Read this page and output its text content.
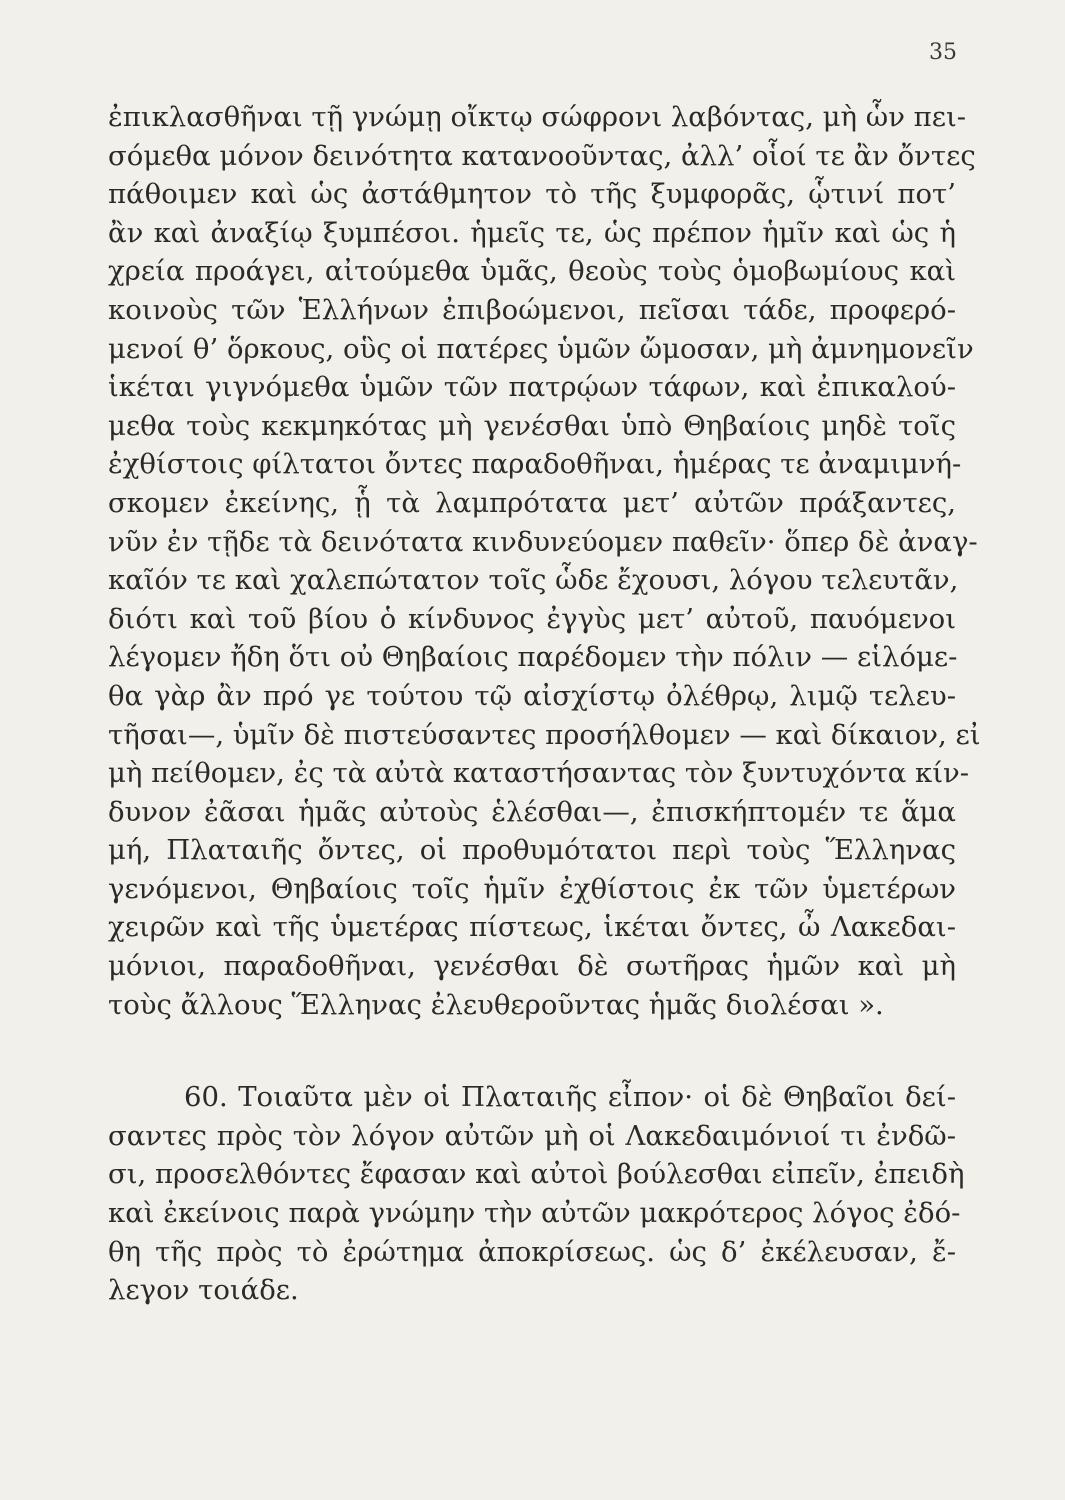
35
ἐπικλασθῆναι τῇ γνώμῃ οἴκτῳ σώφρονι λαβόντας, μὴ ὧν πει-
σόμεθα μόνον δεινότητα κατανοοῦντας, ἀλλ’ οἷοί τε ἂν ὄντες
πάθοιμεν καὶ ὡς ἀστάθμητον τὸ τῆς ξυμφορᾶς, ᾧτινί ποτ’
ἂν καὶ ἀναξίῳ ξυμπέσοι. ἡμεῖς τε, ὡς πρέπον ἡμῖν καὶ ὡς ἡ
χρεία προάγει, αἰτούμεθα ὑμᾶς, θεοὺς τοὺς ὁμοβωμίους καὶ
κοινοὺς τῶν Ἑλλήνων ἐπιβοώμενοι, πεῖσαι τάδε, προφερό-
μενοί θ’ ὅρκους, οὓς οἱ πατέρες ὑμῶν ὤμοσαν, μὴ ἀμνημονεῖν
ἱκέται γιγνόμεθα ὑμῶν τῶν πατρῴων τάφων, καὶ ἐπικαλού-
μεθα τοὺς κεκμηκότας μὴ γενέσθαι ὑπὸ Θηβαίοις μηδὲ τοῖς
ἐχθίστοις φίλτατοι ὄντες παραδοθῆναι, ἡμέρας τε ἀναμιμνή-
σκομεν ἐκείνης, ᾗ τὰ λαμπρότατα μετ’ αὐτῶν πράξαντες,
νῦν ἐν τῇδε τὰ δεινότατα κινδυνεύομεν παθεῖν· ὅπερ δὲ ἀναγ-
καῖόν τε καὶ χαλεπώτατον τοῖς ὧδε ἔχουσι, λόγου τελευτᾶν,
διότι καὶ τοῦ βίου ὁ κίνδυνος ἐγγὺς μετ’ αὐτοῦ, παυόμενοι
λέγομεν ἤδη ὅτι οὐ Θηβαίοις παρέδομεν τὴν πόλιν — εἱλόμε-
θα γὰρ ἂν πρό γε τούτου τῷ αἰσχίστῳ ὀλέθρῳ, λιμῷ τελευ-
τῆσαι—, ὑμῖν δὲ πιστεύσαντες προσήλθομεν — καὶ δίκαιον, εἰ
μὴ πείθομεν, ἐς τὰ αὐτὰ καταστήσαντας τὸν ξυντυχόντα κίν-
δυνον ἐᾶσαι ἡμᾶς αὐτοὺς ἑλέσθαι—, ἐπισκήπτομέν τε ἅμα
μή, Πλαταιῆς ὄντες, οἱ προθυμότατοι περὶ τοὺς Ἕλληνας
γενόμενοι, Θηβαίοις τοῖς ἡμῖν ἐχθίστοις ἐκ τῶν ὑμετέρων
χειρῶν καὶ τῆς ὑμετέρας πίστεως, ἱκέται ὄντες, ὦ Λακεδαι-
μόνιοι, παραδοθῆναι, γενέσθαι δὲ σωτῆρας ἡμῶν καὶ μὴ
τοὺς ἄλλους Ἕλληνας ἐλευθεροῦντας ἡμᾶς διολέσαι ».
60. Τοιαῦτα μὲν οἱ Πλαταιῆς εἶπον· οἱ δὲ Θηβαῖοι δεί-
σαντες πρὸς τὸν λόγον αὐτῶν μὴ οἱ Λακεδαιμόνιοί τι ἐνδῶ-
σι, προσελθόντες ἔφασαν καὶ αὐτοὶ βούλεσθαι εἰπεῖν, ἐπειδὴ
καὶ ἐκείνοις παρὰ γνώμην τὴν αὐτῶν μακρότερος λόγος ἐδό-
θη τῆς πρὸς τὸ ἐρώτημα ἀποκρίσεως. ὡς δ’ ἐκέλευσαν, ἔ-
λεγον τοιάδε.
